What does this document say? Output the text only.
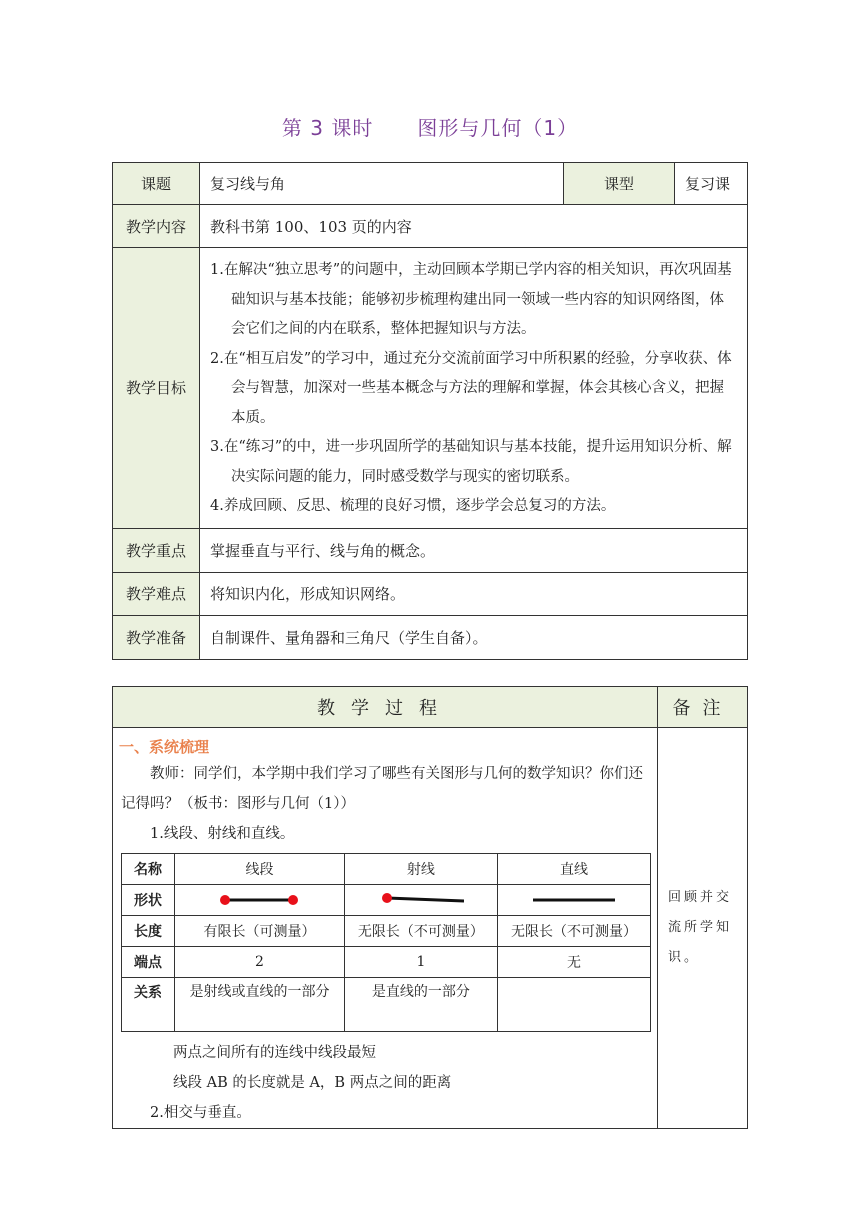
第 3 课时 图形与几何（1）
课题	复习线与角	课型	复习课
教学内容	教科书第 100、103 页的内容		
教学目标	1.在解决“独立思考”的问题中，主动回顾本学期已学内容的相关知识，再次巩固基础知识与基本技能；能够初步梳理构建出同一领域一些内容的知识网络图，体会它们之间的内在联系，整体把握知识与方法。
2.在“相互启发”的学习中，通过充分交流前面学习中所积累的经验，分享收获、体会与智慧，加深对一些基本概念与方法的理解和掌握，体会其核心含义，把握本质。
3.在“练习”的中，进一步巩固所学的基础知识与基本技能，提升运用知识分析、解决实际问题的能力，同时感受数学与现实的密切联系。
4.养成回顾、反思、梳理的良好习惯，逐步学会总复习的方法。		

教学重点	掌握垂直与平行、线与角的概念。		
教学难点	将知识内化，形成知识网络。		
教学准备	自制课件、量角器和三角尺（学生自备）。		
教学过程	备注

一、系统梳理
教师：同学们，本学期中我们学习了哪些有关图形与几何的数学知识？你们还记得吗？（板书：图形与几何（1））
1.线段、射线和直线。
名称	线段	射线	直线
形状	

长度	有限长（可测量）	无限长（不可测量）	无限长（不可测量）
端点	2	1	无
关系	是射线或直线的一部分	是直线的一部分	
两点之间所有的连线中线段最短
线段 AB 的长度就是 A，B 两点之间的距离
2.相交与垂直。

回顾并交流所学知识。
